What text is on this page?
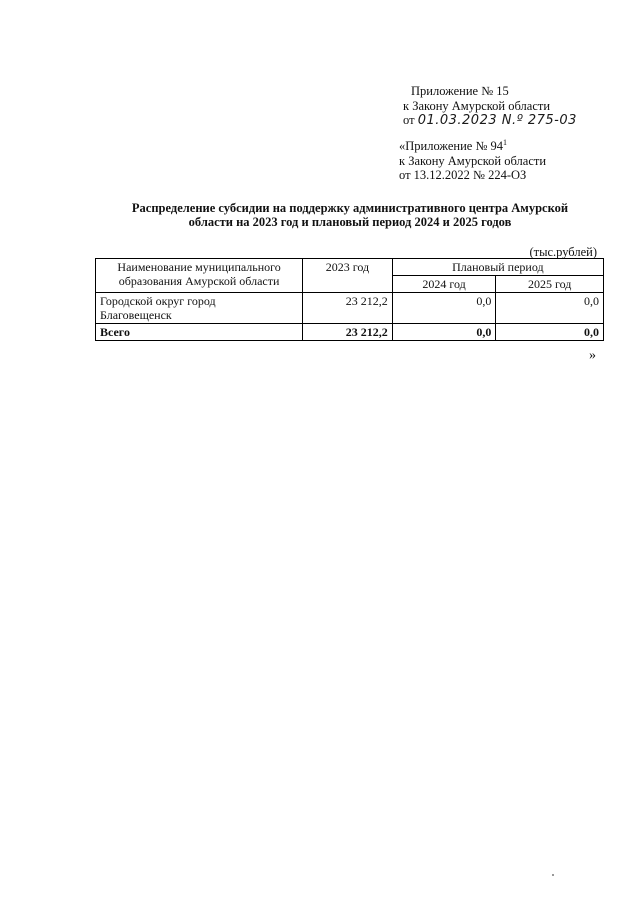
Приложение № 15
к Закону Амурской области
от 01.03.2023 N.º 275-03
«Приложение № $94^1$
к Закону Амурской области
от 13.12.2022 № 224-ОЗ
Распределение субсидии на поддержку административного центра Амурской
области на 2023 год и плановый период 2024 и 2025 годов
(тыс.рублей)
Наименование муниципального
образования Амурской области	2023 год	Плановый период	
		2024 год	2025 год

Городской округ город
Благовещенск	23 212,2	0,0	0,0
Всего	23 212,2	0,0	0,0
»
